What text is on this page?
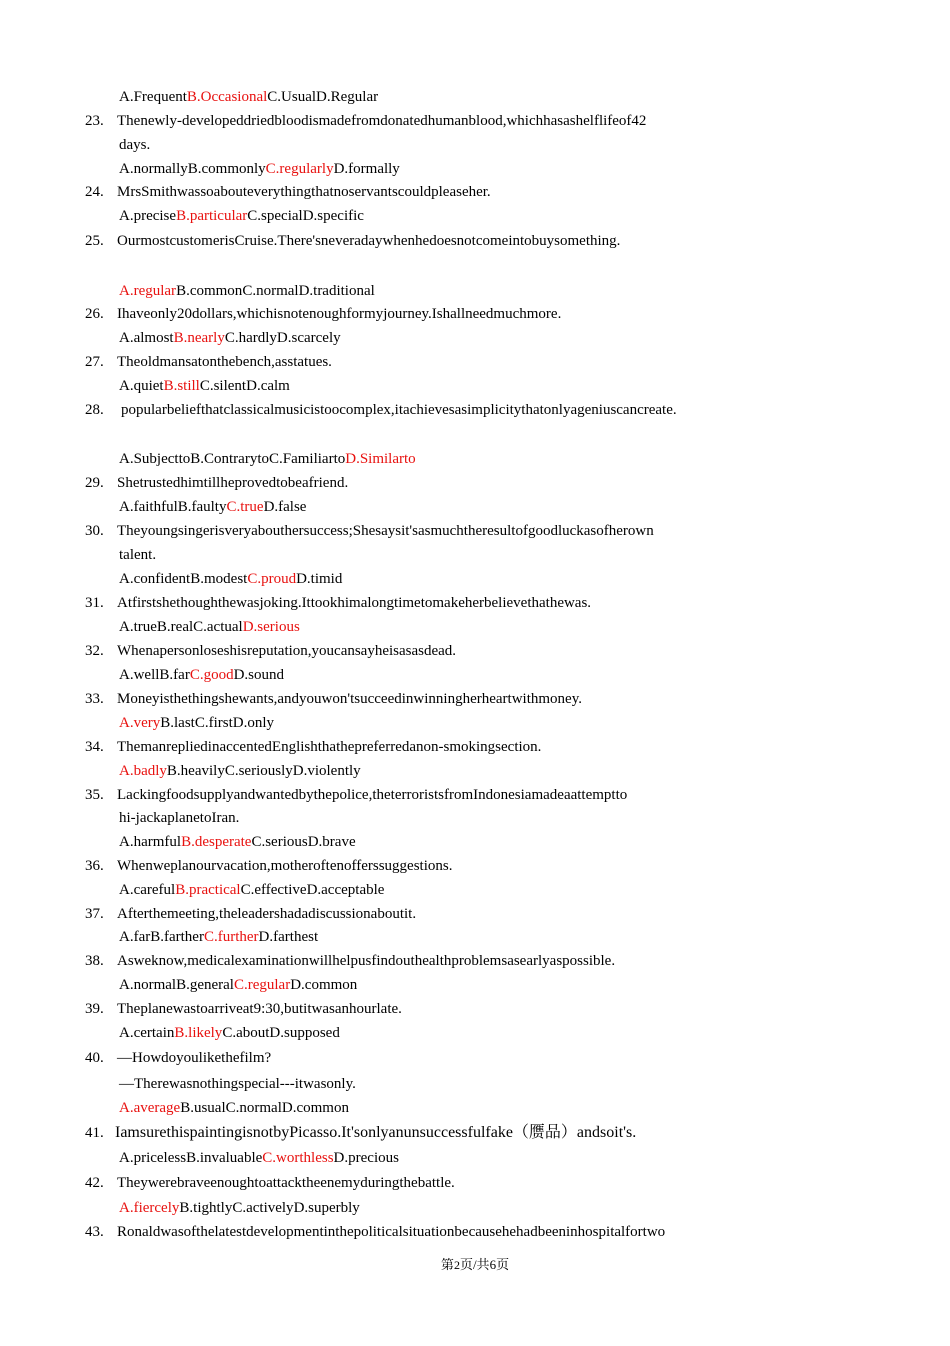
A.FrequentB.OccasionalC.UsualD.Regular
23. Thenewly-developeddriedbloodismadefromdonatedhumanblood,whichhasashelflifeof42
days.
A.normallyB.commonlyC.regularlyD.formally
24. MrsSmithwassoabouteverythingthatnoservantscouldpleaseher.
A.preciseB.particularC.specialD.specific
25. OurmostcustomerisCruise.There'sneveradaywhenhedoesnotcomeintobuysomething.
A.regularB.commonC.normalD.traditional
26. Ihaveonly20dollars,whichisnotenoughformyjourney.Ishallneedmuchmore.
A.almostB.nearlyC.hardlyD.scarcely
27. Theoldmansatonthebench,asstatues.
A.quietB.stillC.silentD.calm
28.	popularbeliefthatclassicalmusicistoocomplex,itachievesasimplicitythatonlyageniuscancreate.
A.SubjecttoB.ContrarytoC.FamiliartoD.Similarto
29. Shetrustedhimtillheprovedtobeafriend.
A.faithfulB.faultyC.trueD.false
30. Theyoungsingerisveryabouthersuccess;Shesaysit'sasmuchtheresultofgoodluckasofherown
talent.
A.confidentB.modestC.proudD.timid
31. Atfirstshethoughthewasjoking.Ittookhimalongtimetomakeherbelievethathewas.
A.trueB.realC.actualD.serious
32. Whenapersonloseshisreputation,youcansayheisasasdead.
A.wellB.farC.goodD.sound
33. Moneyisthethingshewants,andyouwon'tsucceedinwinningherheartwithmoney.
A.veryB.lastC.firstD.only
34. ThemanrepliedinaccentedEnglishthathepreferredanon-smokingsection.
A.badlyB.heavilyC.seriouslyD.violently
35. Lackingfoodsupplyandwantedbythepolice,theterroristsfromIndonesiamadeaattemptto
hi-jackaplanetoIran.
A.harmfulB.desperateC.seriousD.brave
36. Whenweplanourvacation,motheroftenofferssuggestions.
A.carefulB.practicalC.effectiveD.acceptable
37. Afterthemeeting,theleadershadadiscussionaboutit.
A.farB.fartherC.furtherD.farthest
38. Asweknow,medicalexaminationwillhelpusfindouthealthproblemsasearlyaspossible.
A.normalB.generalC.regularD.common
39. Theplanewastoarriveat9:30,butitwasanhourlate.
A.certainB.likelyC.aboutD.supposed
40. —Howdoyoulikethefilm?
—Therewasnothingspecial---itwasonly.
A.averageB.usualC.normalD.common
41. IamsurethispaintingisnotbyPicasso.It'sonlyanunsuccessfulfake（赝品）andsoit's.
A.pricelessB.invaluableC.worthlessD.precious
42. Theywerebraveenoughtoattacktheenemyduringthebattle.
A.fiercelyB.tightlyC.activelyD.superbly
43. Ronaldwasofthelatestdevelopmentinthepoliticalsituationbecausehehadbeeninhospitalfortwo
第2页/共6页
